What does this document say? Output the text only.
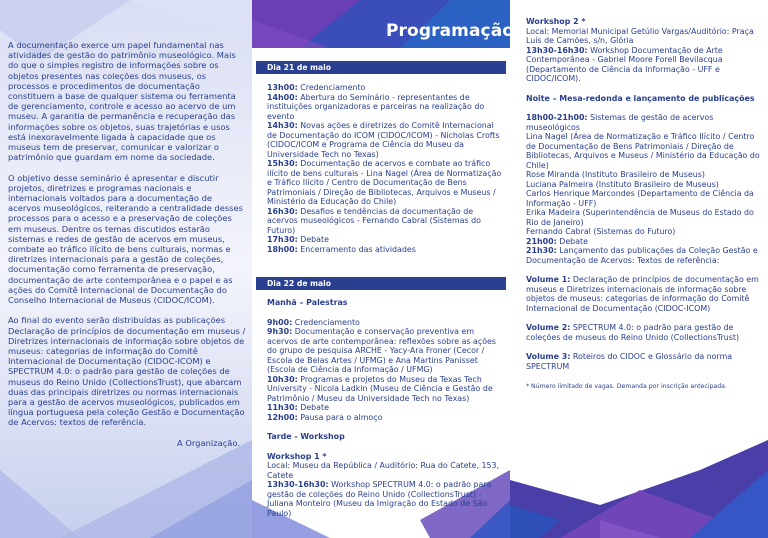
A documentação exerce um papel fundamental nas atividades de gestão do patrimônio museológico. Mais do que o simples registro de informações sobre os objetos presentes nas coleções dos museus, os processos e procedimentos de documentação constituem a base de qualquer sistema ou ferramenta de gerenciamento, controle e acesso ao acervo de um museu. A garantia de permanência e recuperação das informações sobre os objetos, suas trajetórias e usos está inexoravelmente ligada à capacidade que os museus tem de preservar, comunicar e valorizar o patrimônio que guardam em nome da sociedade.

O objetivo desse seminário é apresentar e discutir projetos, diretrizes e programas nacionais e internacionais voltados para a documentação de acervos museológicos, reiterando a centralidade desses processos para o acesso e a preservação de coleções em museus. Dentre os temas discutidos estarão sistemas e redes de gestão de acervos em museus, combate ao tráfico ilícito de bens culturais, normas e diretrizes internacionais para a gestão de coleções, documentação como ferramenta de preservação, documentação de arte contemporânea e o papel e as ações do Comitê Internacional de Documentação do Conselho Internacional de Museus (CIDOC/ICOM).

Ao final do evento serão distribuídas as publicações Declaração de princípios de documentação em museus / Diretrizes internacionais de informação sobre objetos de museus: categorias de informação do Comitê Internacional de Documentação (CIDOC-ICOM) e SPECTRUM 4.0: o padrão para gestão de coleções de museus do Reino Unido (CollectionsTrust), que abarcam duas das principais diretrizes ou normas internacionais para a gestão de acervos museológicos, publicados em língua portuguesa pela coleção Gestão e Documentação de Acervos: textos de referência.

A Organização.
Programação
Dia 21 de maio
13h00: Credenciamento
14h00: Abertura do Seminário - representantes de instituições organizadoras e parceiras na realização do evento
14h30: Novas ações e diretrizes do Comitê Internacional de Documentação do ICOM (CIDOC/ICOM) - Nicholas Crofts (CIDOC/ICOM e Programa de Ciência do Museu da Universidade Tech no Texas)
15h30: Documentação de acervos e combate ao tráfico ilícito de bens culturais - Lina Nagel (Área de Normatização e Tráfico Ilícito / Centro de Documentação de Bens Patrimoniais / Direção de Bibliotecas, Arquivos e Museus / Ministério da Educação do Chile)
16h30: Desafios e tendências da documentação de acervos museológicos - Fernando Cabral (Sistemas do Futuro)
17h30: Debate
18h00: Encerramento das atividades
Dia 22 de maio
Manhã – Palestras
9h00: Credenciamento
9h30: Documentação e conservação preventiva em acervos de arte contemporânea: reflexões sobre as ações do grupo de pesquisa ARCHE - Yacy-Ara Froner (Cecor / Escola de Belas Artes / UFMG) e Ana Martins Panisset (Escola de Ciência da Informação / UFMG)
10h30: Programas e projetos do Museu da Texas Tech University - Nicola Ladkin (Museu de Ciência e Gestão de Patrimônio / Museu da Universidade Tech no Texas)
11h30: Debate
12h00: Pausa para o almoço
Tarde - Workshop
Workshop 1 *
Local: Museu da República / Auditório: Rua do Catete, 153, Catete
13h30-16h30: Workshop SPECTRUM 4.0: o padrão para gestão de coleções do Reino Unido (CollectionsTrust) - Juliana Monteiro (Museu da Imigração do Estado de São Paulo)
Workshop 2 *
Local: Memorial Municipal Getúlio Vargas/Auditório: Praça Luís de Camões, s/n, Glória
13h30-16h30: Workshop Documentação de Arte Contemporânea - Gabriel Moore Forell Bevilacqua (Departamento de Ciência da Informação - UFF e CIDOC/ICOM).
Noite – Mesa-redonda e lançamento de publicações
18h00-21h00: Sistemas de gestão de acervos museológicos
Lina Nagel (Área de Normatização e Tráfico Ilícito / Centro de Documentação de Bens Patrimoniais / Direção de Bibliotecas, Arquivos e Museus / Ministério da Educação do Chile)
Rose Miranda (Instituto Brasileiro de Museus)
Luciana Palmeira (Instituto Brasileiro de Museus)
Carlos Henrique Marcondes (Departamento de Ciência da Informação - UFF)
Erika Madeira (Superintendência de Museus do Estado do Rio de Janeiro)
Fernando Cabral (Sistemas do Futuro)
21h00: Debate
21h30: Lançamento das publicações da Coleção Gestão e Documentação de Acervos: Textos de referência:
Volume 1: Declaração de princípios de documentação em museus e Diretrizes internacionais de informação sobre objetos de museus: categorias de informação do Comitê Internacional de Documentação (CIDOC-ICOM)
Volume 2: SPECTRUM 4.0: o padrão para gestão de coleções de museus do Reino Unido (CollectionsTrust)
Volume 3: Roteiros do CIDOC e Glossário da norma SPECTRUM
* Número limitado de vagas. Demanda por inscrição antecipada.
